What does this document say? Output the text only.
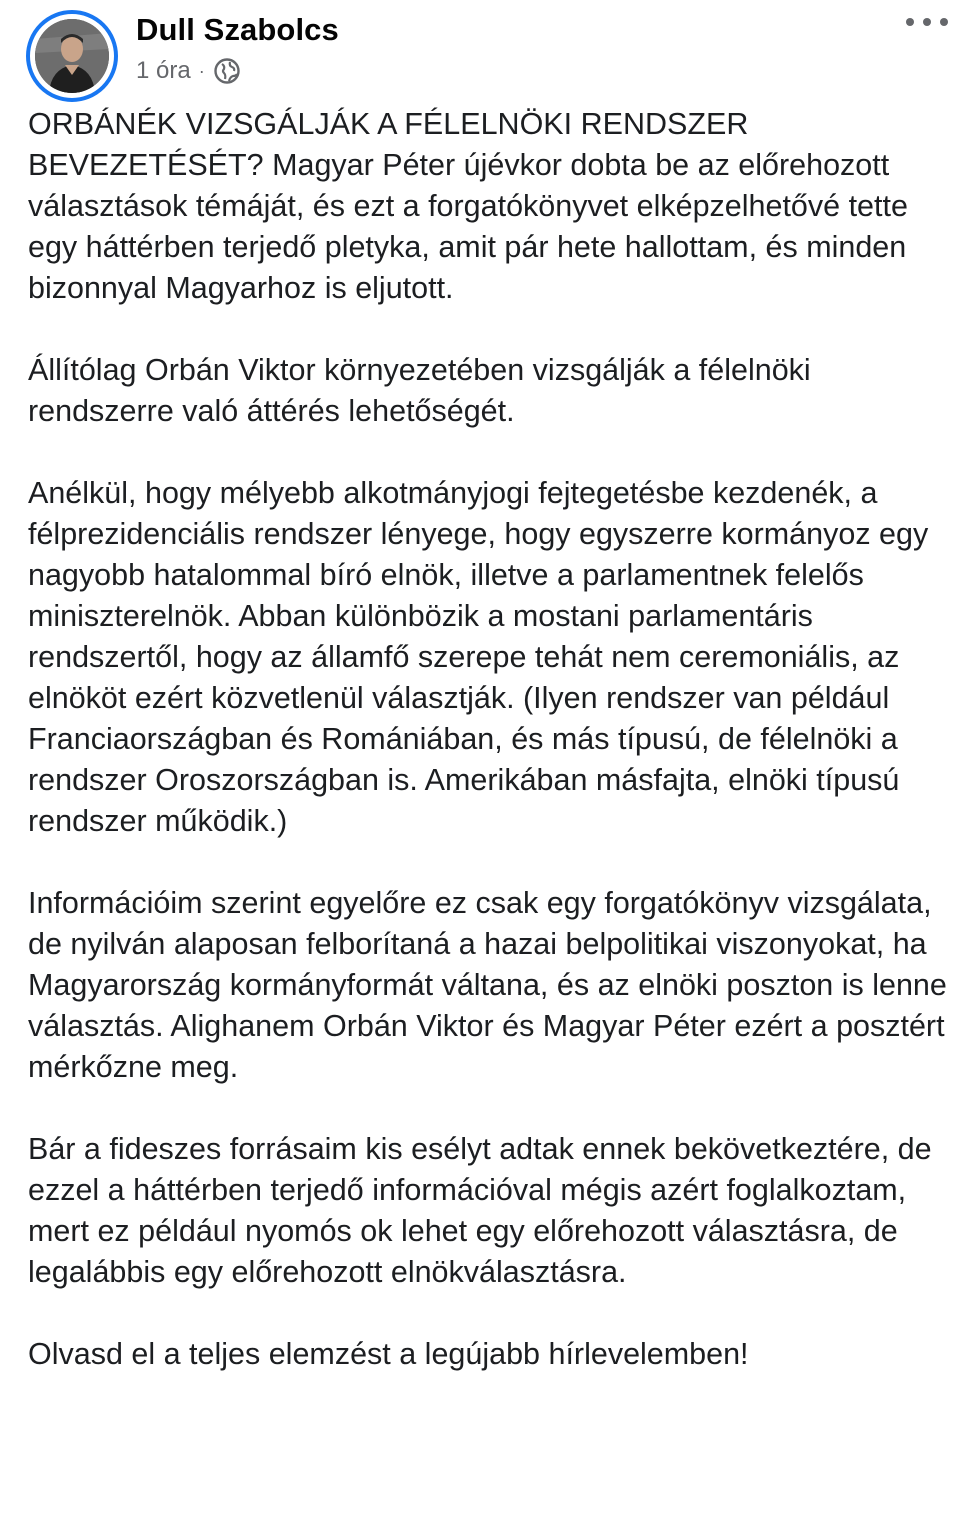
Dull Szabolcs
1 óra ·

ORBÁNÉK VIZSGÁLJÁK A FÉLELNÖKI RENDSZER BEVEZETÉSÉT? Magyar Péter újévkor dobta be az előrehozott választások témáját, és ezt a forgatókönyvet elképzelhetővé tette egy háttérben terjedő pletyka, amit pár hete hallottam, és minden bizonnyal Magyarhoz is eljutott.

Állítólag Orbán Viktor környezetében vizsgálják a félelnöki rendszerre való áttérés lehetőségét.

Anélkül, hogy mélyebb alkotmányjogi fejtegetésbe kezdenék, a félprezidenciális rendszer lényege, hogy egyszerre kormányoz egy nagyobb hatalommal bíró elnök, illetve a parlamentnek felelős miniszterelnök. Abban különbözik a mostani parlamentáris rendszertől, hogy az államfő szerepe tehát nem ceremoniális, az elnököt ezért közvetlenül választják. (Ilyen rendszer van például Franciaországban és Romániában, és más típusú, de félelnöki a rendszer Oroszországban is. Amerikában másfajta, elnöki típusú rendszer működik.)

Információim szerint egyelőre ez csak egy forgatókönyv vizsgálata, de nyilván alaposan felborítaná a hazai belpolitikai viszonyokat, ha Magyarország kormányformát váltana, és az elnöki poszton is lenne választás. Alighanem Orbán Viktor és Magyar Péter ezért a posztért mérkőzne meg.

Bár a fideszes forrásaim kis esélyt adtak ennek bekövetkeztére, de ezzel a háttérben terjedő információval mégis azért foglalkoztam, mert ez például nyomós ok lehet egy előrehozott választásra, de legalábbis egy előrehozott elnökválasztásra.

Olvasd el a teljes elemzést a legújabb hírlevelemben!
